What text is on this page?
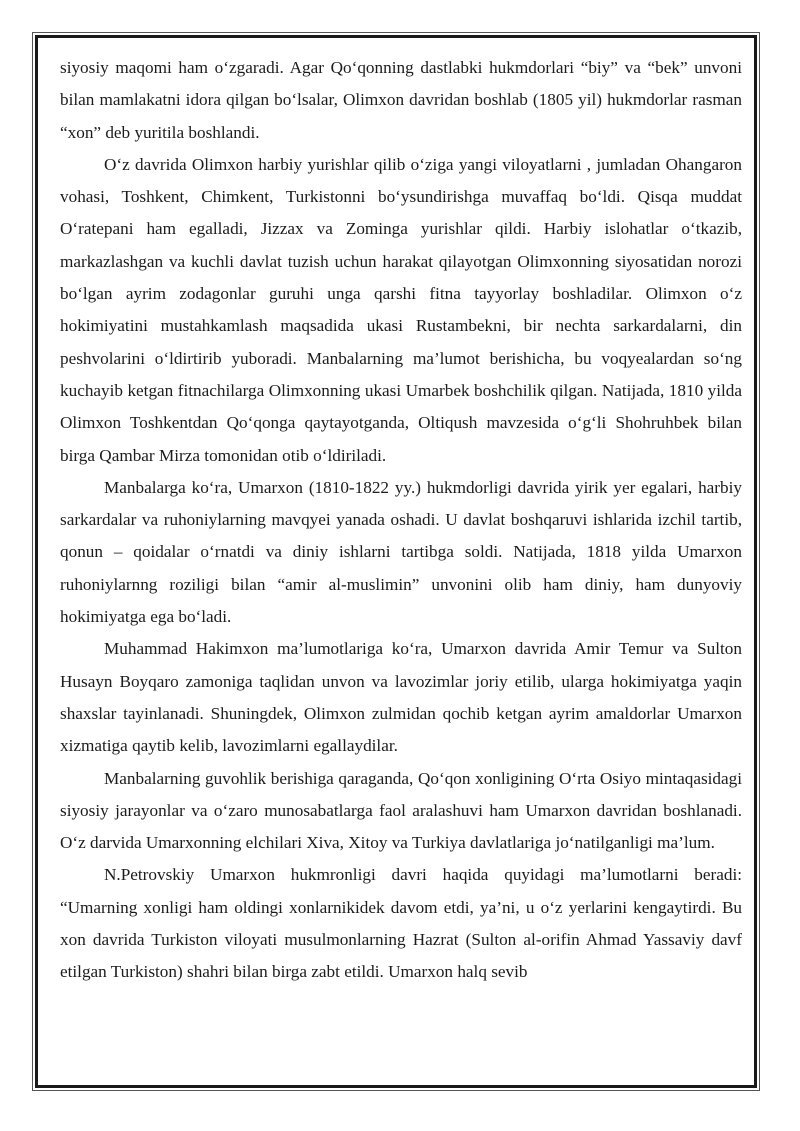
siyosiy maqomi ham o‘zgaradi. Agar Qo‘qonning dastlabki hukmdorlari “biy” va “bek” unvoni bilan mamlakatni idora qilgan bo‘lsalar, Olimxon davridan boshlab (1805 yil) hukmdorlar rasman “xon” deb yuritila boshlandi.

O‘z davrida Olimxon harbiy yurishlar qilib o‘ziga yangi viloyatlarni , jumladan Ohangaron vohasi, Toshkent, Chimkent, Turkistonni bo‘ysundirishga muvaffaq bo‘ldi. Qisqa muddat O‘ratepani ham egalladi, Jizzax va Zominga yurishlar qildi. Harbiy islohatlar o‘tkazib, markazlashgan va kuchli davlat tuzish uchun harakat qilayotgan Olimxonning siyosatidan norozi bo‘lgan ayrim zodagonlar guruhi unga qarshi fitna tayyorlay boshladilar. Olimxon o‘z hokimiyatini mustahkamlash maqsadida ukasi Rustambekni, bir nechta sarkardalarni, din peshvolarini o‘ldirtirib yuboradi. Manbalarning ma’lumot berishicha, bu voqyealardan so‘ng kuchayib ketgan fitnachilarga Olimxonning ukasi Umarbek boshchilik qilgan. Natijada, 1810 yilda Olimxon Toshkentdan Qo‘qonga qaytayotganda, Oltiqush mavzesida o‘g‘li Shohruhbek bilan birga Qambar Mirza tomonidan otib o‘ldiriladi.

Manbalarga ko‘ra, Umarxon (1810-1822 yy.) hukmdorligi davrida yirik yer egalari, harbiy sarkardalar va ruhoniylarning mavqyei yanada oshadi. U davlat boshqaruvi ishlarida izchil tartib, qonun – qoidalar o‘rnatdi va diniy ishlarni tartibga soldi. Natijada, 1818 yilda Umarxon ruhoniylarnng roziligi bilan “amir al-muslimin” unvonini olib ham diniy, ham dunyoviy hokimiyatga ega bo‘ladi.

Muhammad Hakimxon ma’lumotlariga ko‘ra, Umarxon davrida Amir Temur va Sulton Husayn Boyqaro zamoniga taqlidan unvon va lavozimlar joriy etilib, ularga hokimiyatga yaqin shaxslar tayinlanadi. Shuningdek, Olimxon zulmidan qochib ketgan ayrim amaldorlar Umarxon xizmatiga qaytib kelib, lavozimlarni egallaydilar.

Manbalarning guvohlik berishiga qaraganda, Qo‘qon xonligining O‘rta Osiyo mintaqasidagi siyosiy jarayonlar va o‘zaro munosabatlarga faol aralashuvi ham Umarxon davridan boshlanadi. O‘z darvida Umarxonning elchilari Xiva, Xitoy va Turkiya davlatlariga jo‘natilganligi ma’lum.

N.Petrovskiy Umarxon hukmronligi davri haqida quyidagi ma’lumotlarni beradi: “Umarning xonligi ham oldingi xonlarnikidek davom etdi, ya’ni, u o‘z yerlarini kengaytirdi. Bu xon davrida Turkiston viloyati musulmonlarning Hazrat (Sulton al-orifin Ahmad Yassaviy davf etilgan Turkiston) shahri bilan birga zabt etildi. Umarxon halq sevib
